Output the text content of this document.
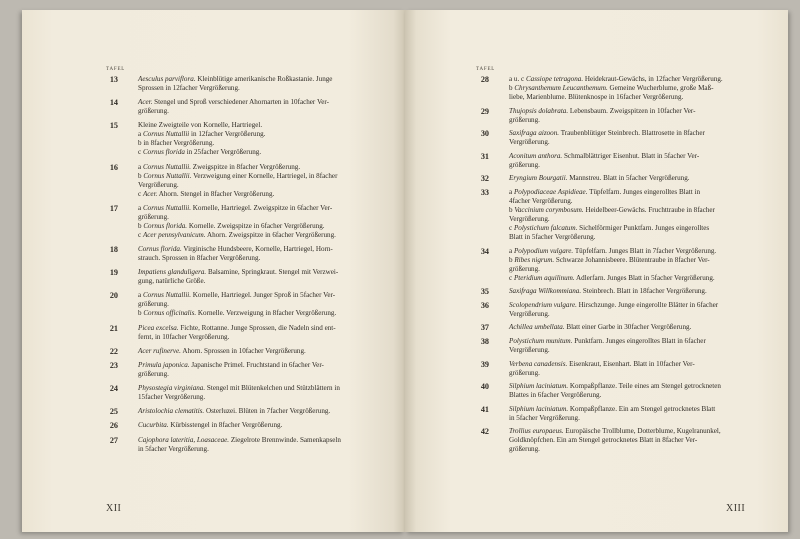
TAFEL
13	Aesculus parviflora. Kleinblütige amerikanische Roßkastanie. Junge
Sprossen in 12facher Vergrößerung.
14	Acer. Stengel und Sproß verschiedener Ahornarten in 10facher Ver-
größerung.
15	Kleine Zweigteile von Kornelle, Hartriegel.
a Cornus Nuttallii in 12facher Vergrößerung.
b in 8facher Vergrößerung.
c Cornus florida in 25facher Vergrößerung.
16	a Cornus Nuttallii. Zweigspitze in 8facher Vergrößerung.
b Cornus Nuttallii. Verzweigung einer Kornelle, Hartriegel, in 8facher
Vergrößerung.
c Acer. Ahorn. Stengel in 8facher Vergrößerung.
17	a Cornus Nuttallii. Kornelle, Hartriegel. Zweigspitze in 6facher Ver-
größerung.
b Cornus florida. Kornelle. Zweigspitze in 6facher Vergrößerung.
c Acer pennsylvanicum. Ahorn. Zweigspitze in 6facher Vergrößerung.
18	Cornus florida. Virginische Hundsbeere, Kornelle, Hartriegel, Horn-
strauch. Sprossen in 8facher Vergrößerung.
19	Impatiens glanduligera. Balsamine, Springkraut. Stengel mit Verzwei-
gung, natürliche Größe.
20	a Cornus Nuttallii. Kornelle, Hartriegel. Junger Sproß in 5facher Ver-
größerung.
b Cornus officinalis. Kornelle. Verzweigung in 8facher Vergrößerung.
21	Picea excelsa. Fichte, Rottanne. Junge Sprossen, die Nadeln sind ent-
fernt, in 10facher Vergrößerung.
22	Acer rufinerve. Ahorn. Sprossen in 10facher Vergrößerung.
23	Primula japonica. Japanische Primel. Fruchtstand in 6facher Ver-
größerung.
24	Physostegia virginiana. Stengel mit Blütenkelchen und Stützblättern in
15facher Vergrößerung.
25	Aristolochia clematitis. Osterluzei. Blüten in 7facher Vergrößerung.
26	Cucurbita. Kürbisstengel in 8facher Vergrößerung.
27	Cajophora lateritia, Loasaceae. Ziegelrote Brennwinde. Samenkapseln
in 5facher Vergrößerung.
XII
TAFEL
28	a u. c Cassiope tetragona. Heidekraut-Gewächs, in 12facher Vergrößerung.
b Chrysanthemum Leucanthemum. Gemeine Wucherblume, große Maß-
liebe, Marienblume. Blütenknospe in 16facher Vergrößerung.
29	Thujopsis dolabrata. Lebensbaum. Zweigspitzen in 10facher Ver-
größerung.
30	Saxifraga aizoon. Traubenblütiger Steinbrech. Blattrosette in 8facher
Vergrößerung.
31	Aconitum anthora. Schmalblättriger Eisenhut. Blatt in 5facher Ver-
größerung.
32	Eryngium Bourgatii. Mannstreu. Blatt in 5facher Vergrößerung.
33	a Polypodiaceae Aspidieae. Tüpfelfarn. Junges eingerolltes Blatt in
4facher Vergrößerung.
b Vaccinium corymbosum. Heidelbeer-Gewächs. Fruchttraube in 8facher
Vergrößerung.
c Polystichum falcatum. Sichelförmiger Punktfarn. Junges eingerolltes
Blatt in 5facher Vergrößerung.
34	a Polypodium vulgare. Tüpfelfarn. Junges Blatt in 7facher Vergrößerung.
b Ribes nigrum. Schwarze Johannisbeere. Blütentraube in 8facher Ver-
größerung.
c Pteridium aquilinum. Adlerfarn. Junges Blatt in 5facher Vergrößerung.
35	Saxifraga Willkommiana. Steinbrech. Blatt in 18facher Vergrößerung.
36	Scolopendrium vulgare. Hirschzunge. Junge eingerollte Blätter in 6facher
Vergrößerung.
37	Achillea umbellata. Blatt einer Garbe in 30facher Vergrößerung.
38	Polystichum munitum. Punktfarn. Junges eingerolltes Blatt in 6facher
Vergrößerung.
39	Verbena canadensis. Eisenkraut, Eisenhart. Blatt in 10facher Ver-
größerung.
40	Silphium laciniatum. Kompaßpflanze. Teile eines am Stengel getrockneten
Blattes in 6facher Vergrößerung.
41	Silphium laciniatum. Kompaßpflanze. Ein am Stengel getrocknetes Blatt
in 5facher Vergrößerung.
42	Trollius europaeus. Europäische Trollblume, Dotterblume, Kugelranunkel,
Goldknöpfchen. Ein am Stengel getrocknetes Blatt in 8facher Ver-
größerung.
XIII
